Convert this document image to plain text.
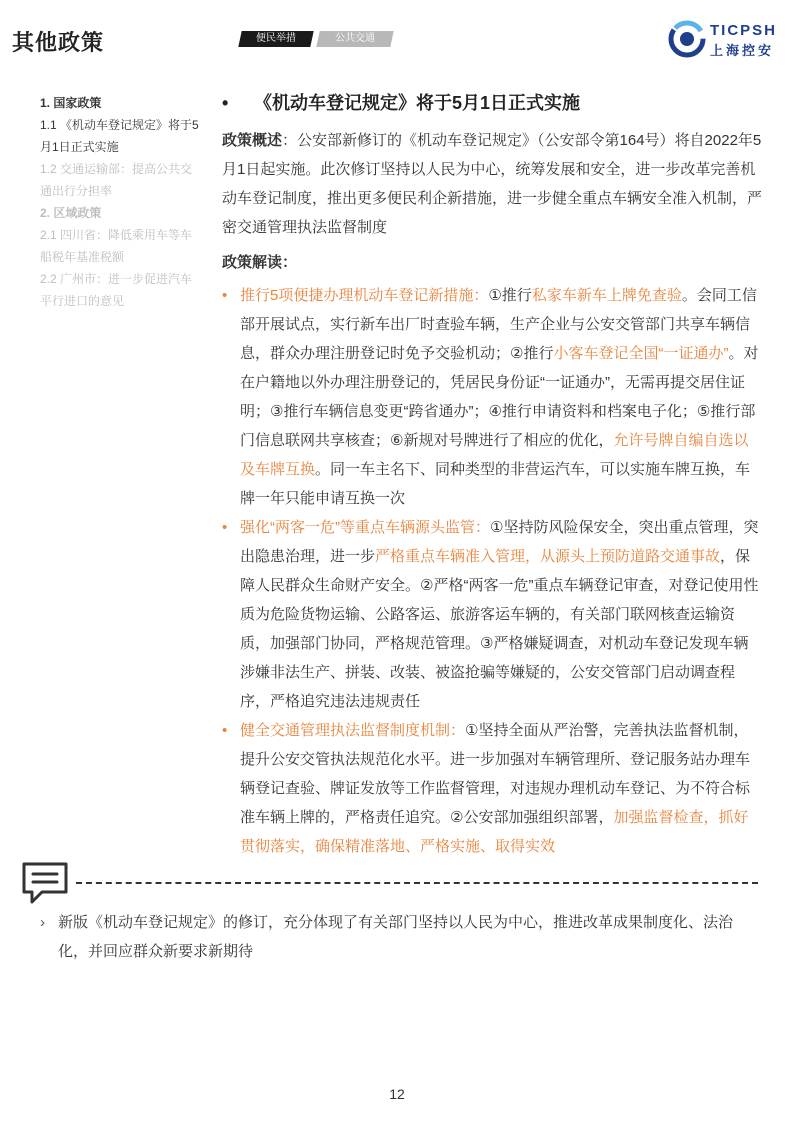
其他政策	便民举措	公共交通	TICPSH
上海控安
1. 国家政策
1.1 《机动车登记规定》将于5月1日正式实施
1.2 交通运输部：提高公共交通出行分担率
2. 区域政策
2.1 四川省：降低乘用车等车船税年基准税额
2.2 广州市：进一步促进汽车平行进口的意见
• 《机动车登记规定》将于5月1日正式实施

政策概述：公安部新修订的《机动车登记规定》（公安部令第164号）将自2022年5月1日起实施。此次修订坚持以人民为中心，统筹发展和安全，进一步改革完善机动车登记制度，推出更多便民利企新措施，进一步健全重点车辆安全准入机制，严密交通管理执法监督制度

政策解读：
• 推行5项便捷办理机动车登记新措施：①推行私家车新车上牌免查验。会同工信部开展试点，实行新车出厂时查验车辆，生产企业与公安交管部门共享车辆信息，群众办理注册登记时免予交验机动；②推行小客车登记全国“一证通办”。对在户籍地以外办理注册登记的，凭居民身份证“一证通办”，无需再提交居住证明；③推行车辆信息变更“跨省通办”；④推行申请资料和档案电子化；⑤推行部门信息联网共享核查；⑥新规对号牌进行了相应的优化，允许号牌自编自选以及车牌互换。同一车主名下、同种类型的非营运汽车，可以实施车牌互换，车牌一年只能申请互换一次
• 强化“两客一危”等重点车辆源头监管：①坚持防风险保安全，突出重点管理，突出隐患治理，进一步严格重点车辆准入管理，从源头上预防道路交通事故，保障人民群众生命财产安全。②严格“两客一危”重点车辆登记审查，对登记使用性质为危险货物运输、公路客运、旅游客运车辆的，有关部门联网核查运输资质，加强部门协同，严格规范管理。③严格嫌疑调查，对机动车登记发现车辆涉嫌非法生产、拼装、改装、被盗抢骗等嫌疑的，公安交管部门启动调查程序，严格追究违法违规责任
• 健全交通管理执法监督制度机制：①坚持全面从严治警，完善执法监督机制，提升公安交管执法规范化水平。进一步加强对车辆管理所、登记服务站办理车辆登记查验、牌证发放等工作监督管理，对违规办理机动车登记、为不符合标准车辆上牌的，严格责任追究。②公安部加强组织部署，加强监督检查，抓好贯彻落实，确保精准落地、严格实施、取得实效
› 新版《机动车登记规定》的修订，充分体现了有关部门坚持以人民为中心，推进改革成果制度化、法治化，并回应群众新要求新期待
12
